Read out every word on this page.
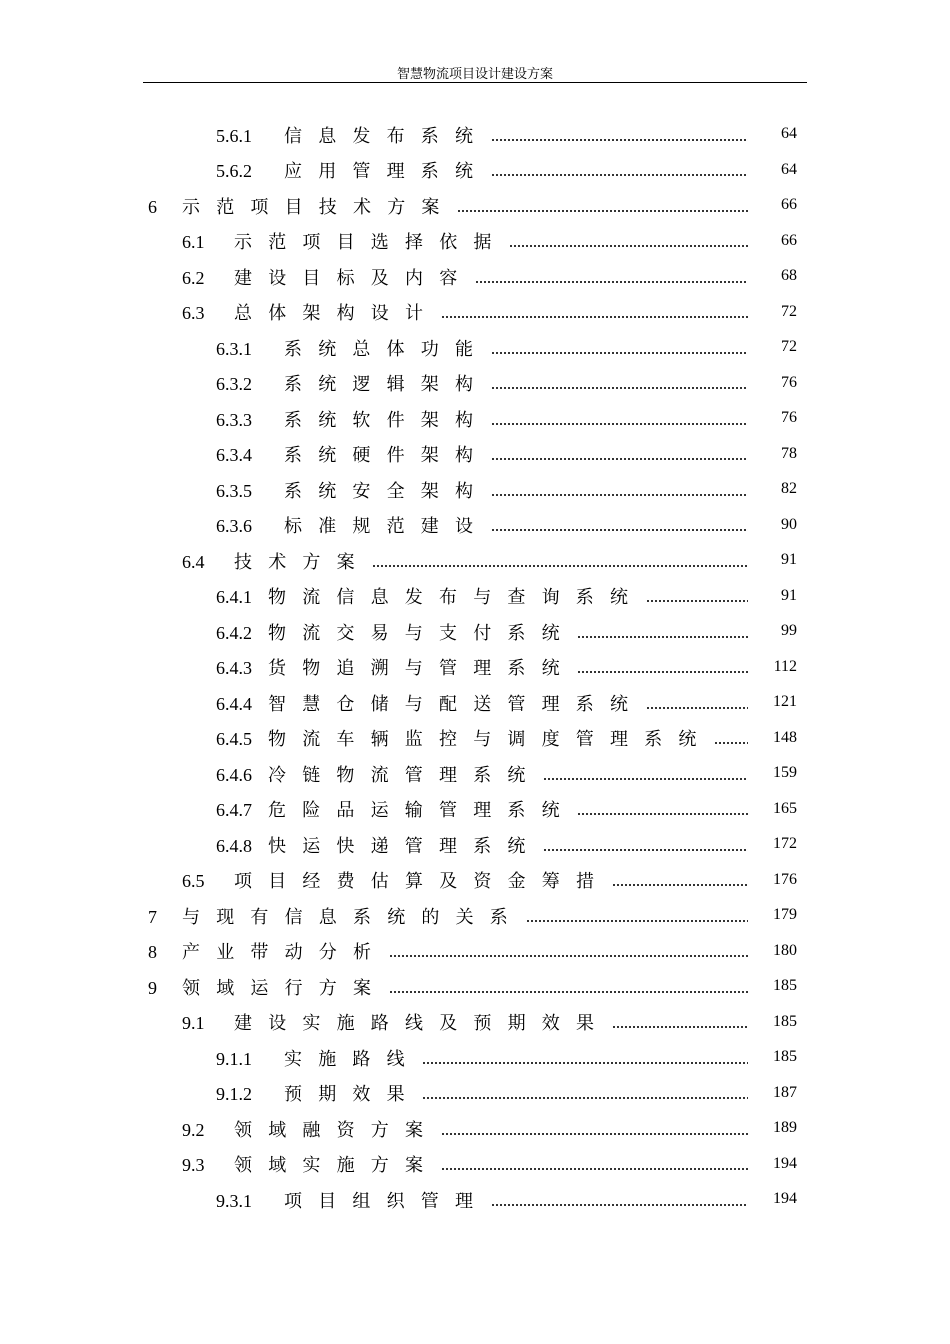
智慧物流项目设计建设方案
5.6.1	信息发布系统	64
5.6.2	应用管理系统	64
6	示范项目技术方案	66
6.1	示范项目选择依据	66
6.2	建设目标及内容	68
6.3	总体架构设计	72
6.3.1	系统总体功能	72
6.3.2	系统逻辑架构	76
6.3.3	系统软件架构	76
6.3.4	系统硬件架构	78
6.3.5	系统安全架构	82
6.3.6	标准规范建设	90
6.4	技术方案	91
6.4.1 物流信息发布与查询系统	91
6.4.2 物流交易与支付系统	99
6.4.3 货物追溯与管理系统	112
6.4.4 智慧仓储与配送管理系统	121
6.4.5 物流车辆监控与调度管理系统	148
6.4.6 冷链物流管理系统	159
6.4.7 危险品运输管理系统	165
6.4.8 快运快递管理系统	172
6.5	项目经费估算及资金筹措	176
7	与现有信息系统的关系	179
8	产业带动分析	180
9	领域运行方案	185
9.1	建设实施路线及预期效果	185
9.1.1	实施路线	185
9.1.2	预期效果	187
9.2	领域融资方案	189
9.3	领域实施方案	194
9.3.1	项目组织管理	194
